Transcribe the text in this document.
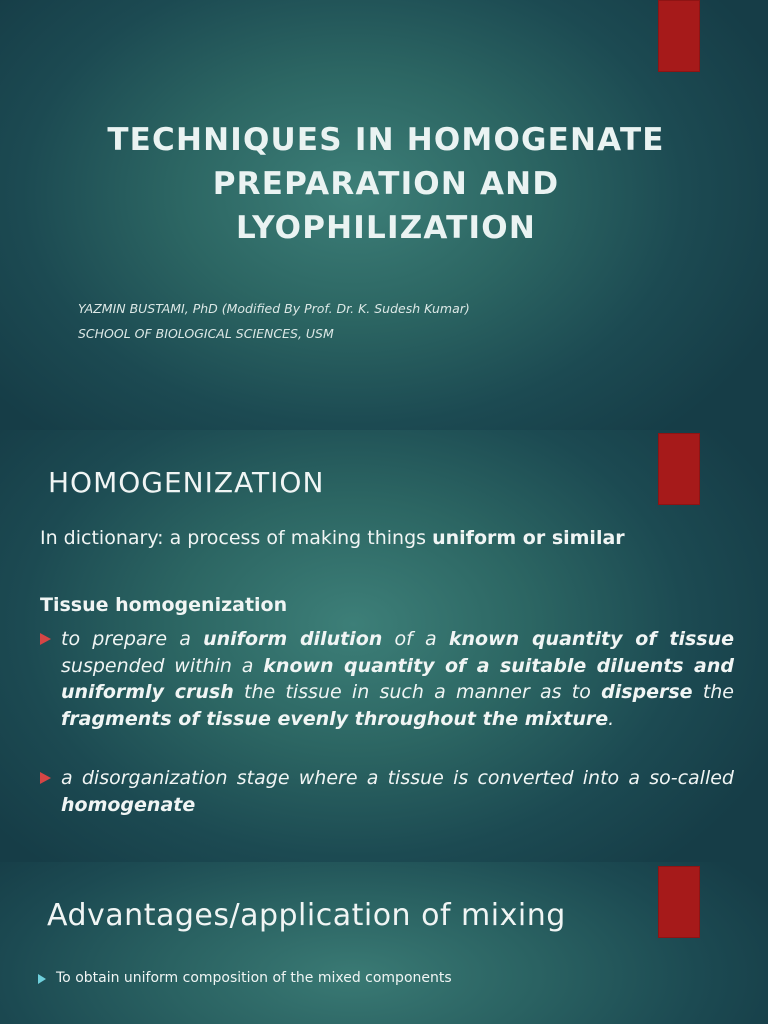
TECHNIQUES IN HOMOGENATE PREPARATION AND LYOPHILIZATION
YAZMIN BUSTAMI, PhD (Modified By Prof. Dr. K. Sudesh Kumar)
SCHOOL OF BIOLOGICAL SCIENCES, USM
HOMOGENIZATION
In dictionary: a process of making things uniform or similar
Tissue homogenization
to prepare a uniform dilution of a known quantity of tissue suspended within a known quantity of a suitable diluents and uniformly crush the tissue in such a manner as to disperse the fragments of tissue evenly throughout the mixture.
a disorganization stage where a tissue is converted into a so-called homogenate
Advantages/application of mixing
To obtain uniform composition of the mixed components
